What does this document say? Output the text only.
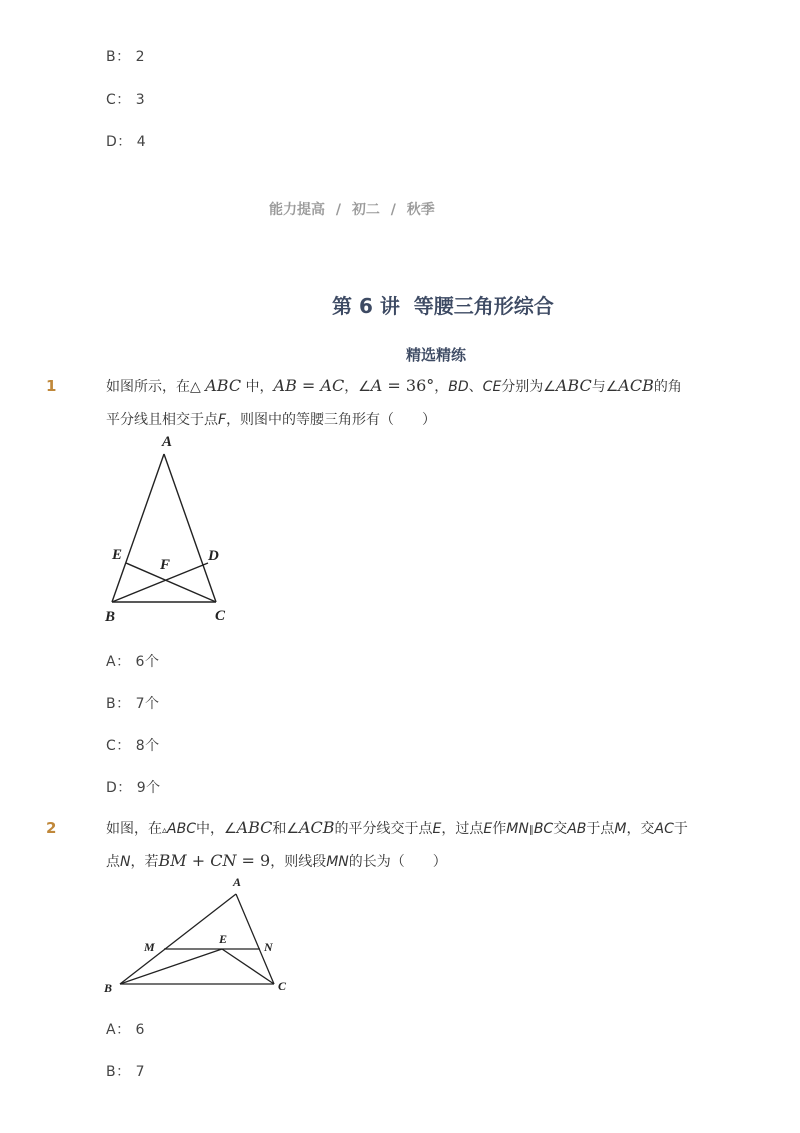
B： 2
C： 3
D： 4
能力提高 / 初二 / 秋季
第 6 讲  等腰三角形综合
精选精练
1	如图所示，在△ ABC 中，AB = AC，∠A = 36°，BD、CE分别为∠ABC与∠ACB的角
平分线且相交于点F，则图中的等腰三角形有（　　）
A
E	D
F
B	C
A： 6个
B： 7个
C： 8个
D： 9个
2	如图，在▵ABC中，∠ABC和∠ACB的平分线交于点E，过点E作MN∥BC交AB于点M，交AC于
点N，若BM + CN = 9，则线段MN的长为（　　）
A
M
E
N
B	C
A： 6
B： 7
